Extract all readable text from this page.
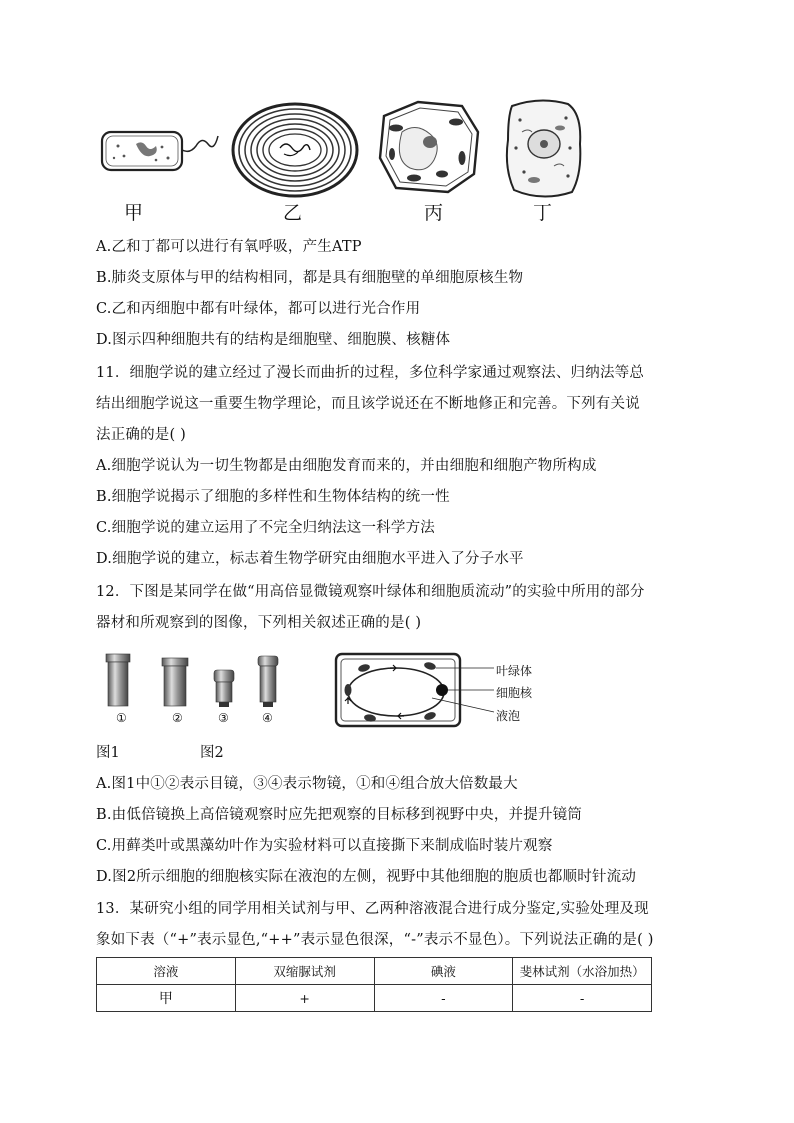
甲	乙	丙	丁
A.乙和丁都可以进行有氧呼吸，产生ATP
B.肺炎支原体与甲的结构相同，都是具有细胞壁的单细胞原核生物
C.乙和丙细胞中都有叶绿体，都可以进行光合作用
D.图示四种细胞共有的结构是细胞壁、细胞膜、核糖体
11．细胞学说的建立经过了漫长而曲折的过程，多位科学家通过观察法、归纳法等总
结出细胞学说这一重要生物学理论，而且该学说还在不断地修正和完善。下列有关说
法正确的是( )
A.细胞学说认为一切生物都是由细胞发育而来的，并由细胞和细胞产物所构成
B.细胞学说揭示了细胞的多样性和生物体结构的统一性
C.细胞学说的建立运用了不完全归纳法这一科学方法
D.细胞学说的建立，标志着生物学研究由细胞水平进入了分子水平
12．下图是某同学在做“用高倍显微镜观察叶绿体和细胞质流动”的实验中所用的部分
器材和所观察到的图像，下列相关叙述正确的是( )
①	②	③	④
叶绿体
细胞核
液泡
图1	图2
A.图1中①②表示目镜，③④表示物镜，①和④组合放大倍数最大
B.由低倍镜换上高倍镜观察时应先把观察的目标移到视野中央，并提升镜筒
C.用藓类叶或黑藻幼叶作为实验材料可以直接撕下来制成临时装片观察
D.图2所示细胞的细胞核实际在液泡的左侧，视野中其他细胞的胞质也都顺时针流动
13．某研究小组的同学用相关试剂与甲、乙两种溶液混合进行成分鉴定,实验处理及现
象如下表（“+”表示显色,“++”表示显色很深，“-”表示不显色）。下列说法正确的是( )
溶液	双缩脲试剂	碘液	斐林试剂（水浴加热）
甲	+	-	-
